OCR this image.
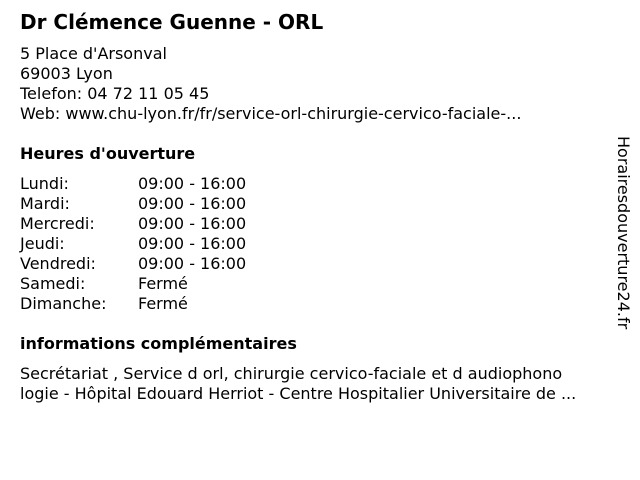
Dr Clémence Guenne - ORL
5 Place d'Arsonval
69003 Lyon
Telefon: 04 72 11 05 45
Web: www.chu-lyon.fr/fr/service-orl-chirurgie-cervico-faciale-...
Heures d'ouverture
Lundi:	09:00 - 16:00
Mardi:	09:00 - 16:00
Mercredi:	09:00 - 16:00
Jeudi:	09:00 - 16:00
Vendredi:	09:00 - 16:00
Samedi:	Fermé
Dimanche:	Fermé
informations complémentaires
Secrétariat , Service d orl, chirurgie cervico-faciale et d audiophono
logie - Hôpital Edouard Herriot - Centre Hospitalier Universitaire de ...
Horairesdouverture24.fr
